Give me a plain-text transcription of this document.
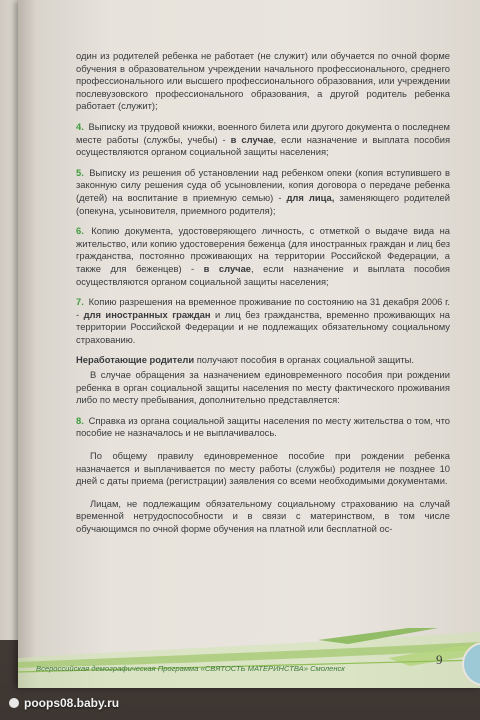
один из родителей ребенка не работает (не служит) или обучается по очной форме обучения в образовательном учреждении начального профессионального, среднего профессионального или высшего профессионального образования, или учреждении послевузовского профессионального образования, а другой родитель ребенка работает (служит);

4. Выписку из трудовой книжки, военного билета или другого документа о последнем месте работы (службы, учебы) - в случае, если назначение и выплата пособия осуществляются органом социальной защиты населения;

5. Выписку из решения об установлении над ребенком опеки (копия вступившего в законную силу решения суда об усыновлении, копия договора о передаче ребенка (детей) на воспитание в приемную семью) - для лица, заменяющего родителей (опекуна, усыновителя, приемного родителя);

6. Копию документа, удостоверяющего личность, с отметкой о выдаче вида на жительство, или копию удостоверения беженца (для иностранных граждан и лиц без гражданства, постоянно проживающих на территории Российской Федерации, а также для беженцев) - в случае, если назначение и выплата пособия осуществляются органом социальной защиты населения;

7. Копию разрешения на временное проживание по состоянию на 31 декабря 2006 г. - для иностранных граждан и лиц без гражданства, временно проживающих на территории Российской Федерации и не подлежащих обязательному социальному страхованию.

Неработающие родители получают пособия в органах социальной защиты.

В случае обращения за назначением единовременного пособия при рождении ребенка в орган социальной защиты населения по месту фактического проживания либо по месту пребывания, дополнительно представляется:

8. Справка из органа социальной защиты населения по месту жительства о том, что пособие не назначалось и не выплачивалось.

По общему правилу единовременное пособие при рождении ребенка назначается и выплачивается по месту работы (службы) родителя не позднее 10 дней с даты приема (регистрации) заявления со всеми необходимыми документами.

Лицам, не подлежащим обязательному социальному страхованию на случай временной нетрудоспособности и в связи с материнством, в том числе обучающимся по очной форме обучения на платной или бесплатной ос-

Всероссийская демографическая Программа «СВЯТОСТЬ МАТЕРИНСТВА» Смоленск
9
poops08.baby.ru
